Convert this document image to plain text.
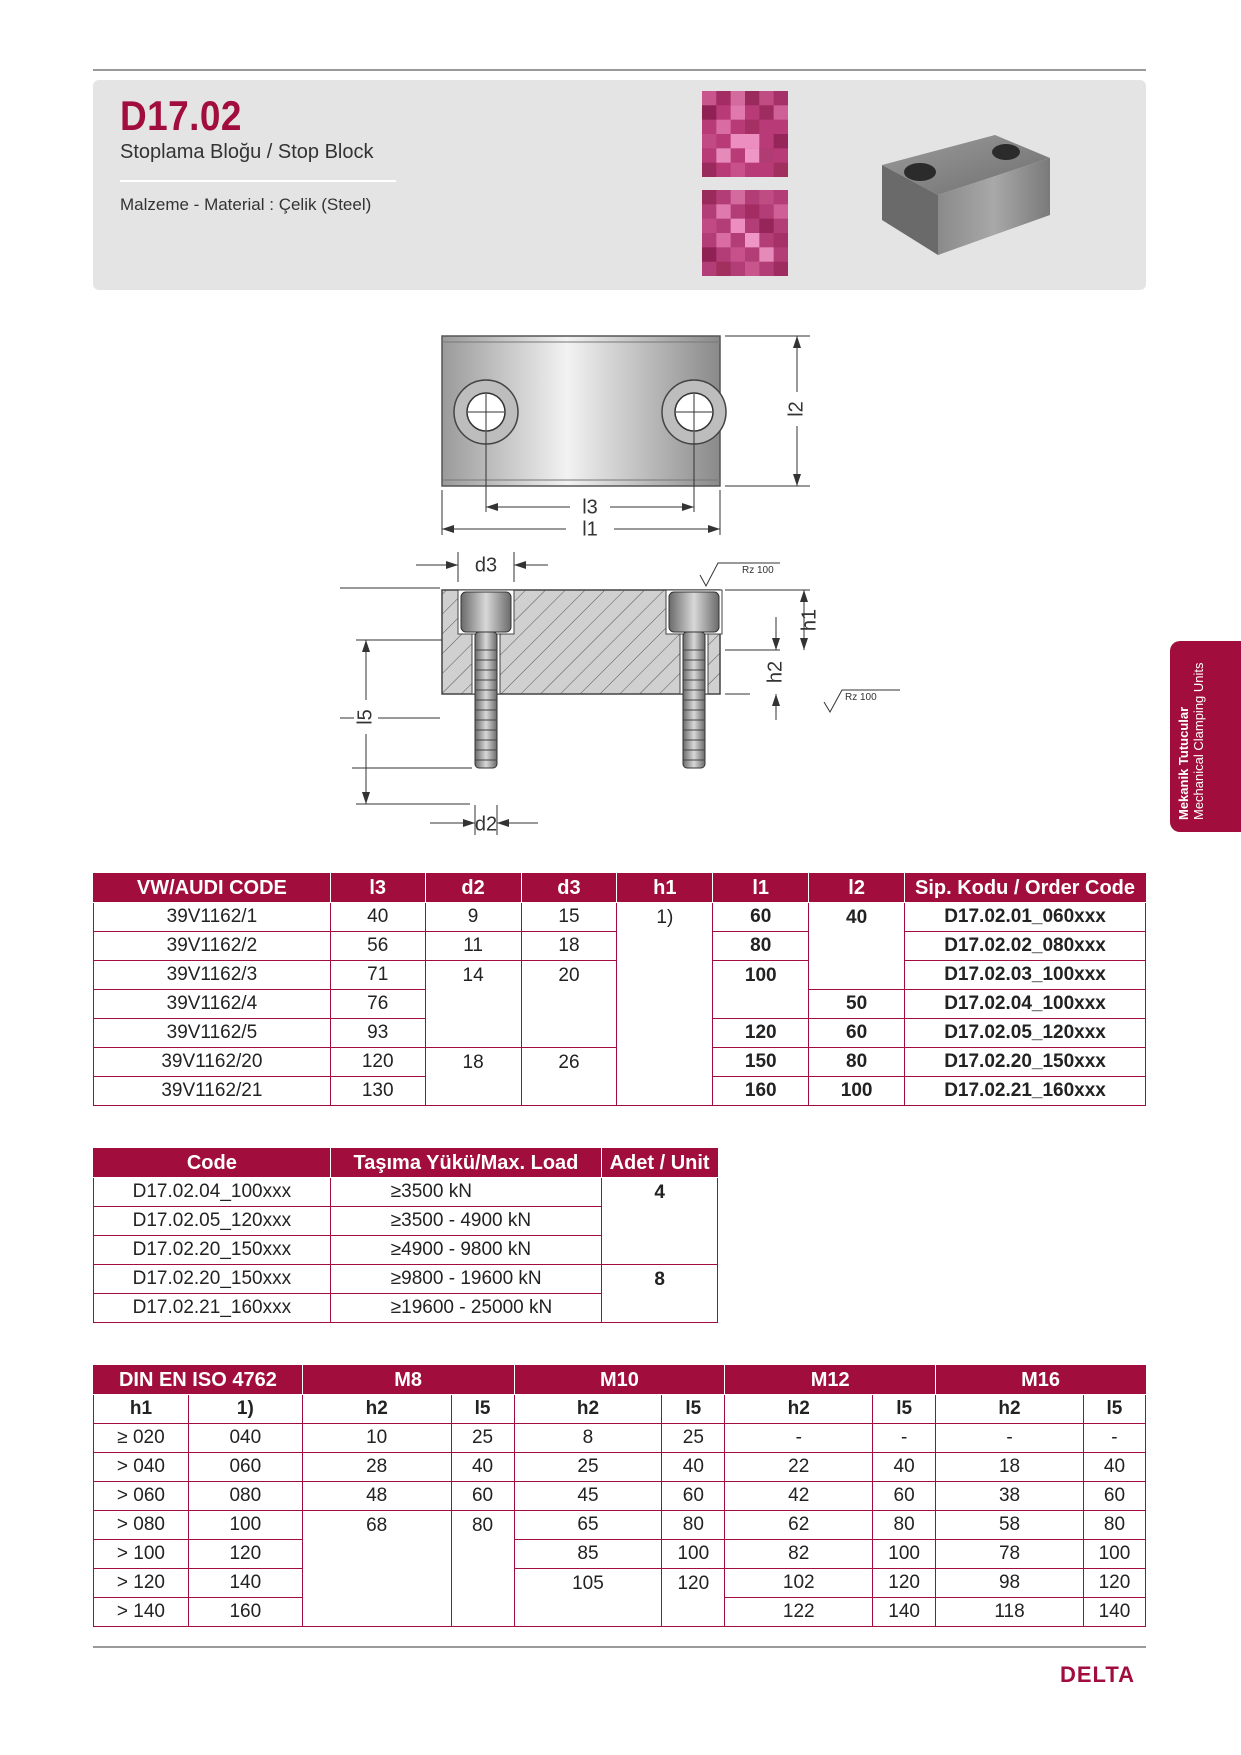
D17.02
Stoplama Bloğu / Stop Block
Malzeme - Material : Çelik (Steel)
l2
l3
l1
d3	Rz 100
Rz 100
h1
h2
l5
d2
Mekanik Tutucular Mechanical Clamping Units
VW/AUDI CODE	l3	d2	d3	h1	l1	l2	Sip. Kodu / Order Code
39V1162/1	40	9	15	1)	60	40	D17.02.01_060xxx
39V1162/2	56	11	18		80		D17.02.02_080xxx
39V1162/3	71	14	20		100		D17.02.03_100xxx
39V1162/4	76					50	D17.02.04_100xxx
39V1162/5	93				120	60	D17.02.05_120xxx
39V1162/20	120	18	26		150	80	D17.02.20_150xxx
39V1162/21	130				160	100	D17.02.21_160xxx
Code	Taşıma Yükü/Max. Load	Adet / Unit
D17.02.04_100xxx	≥3500 kN	4
D17.02.05_120xxx	≥3500 - 4900 kN	
D17.02.20_150xxx	≥4900 - 9800 kN	
D17.02.20_150xxx	≥9800 - 19600 kN	8
D17.02.21_160xxx	≥19600 - 25000 kN	
DIN EN ISO 4762		M8		M10		M12		M16	
h1	1)	h2	l5	h2	l5	h2	l5	h2	l5
≥ 020	040	10	25	8	25	-	-	-	-
> 040	060	28	40	25	40	22	40	18	40
> 060	080	48	60	45	60	42	60	38	60
> 080	100	68	80	65	80	62	80	58	80
> 100	120			85	100	82	100	78	100
> 120	140			105	120	102	120	98	120
> 140	160					122	140	118	140
DELTA
